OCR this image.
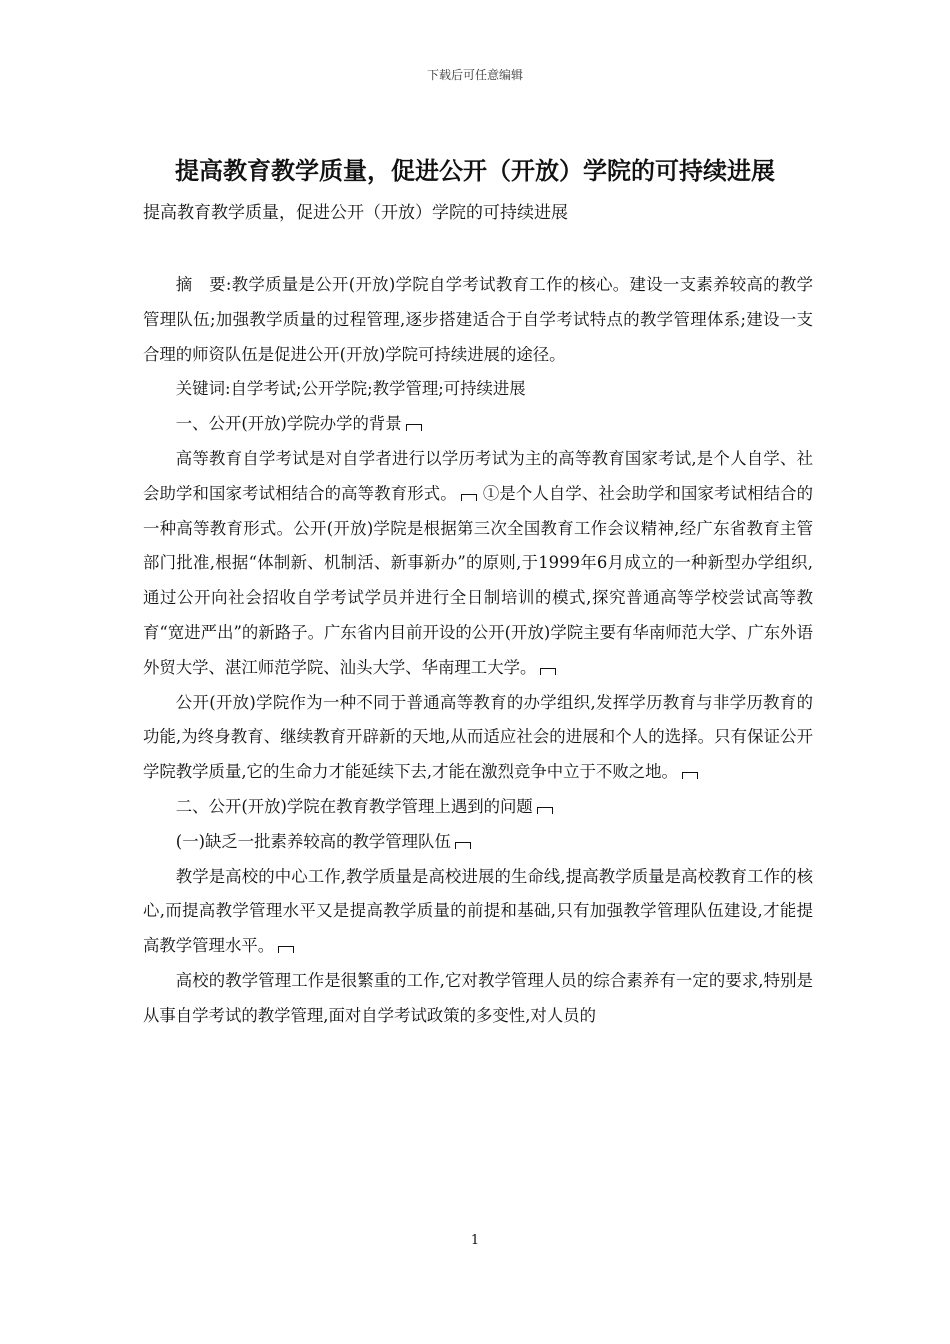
下载后可任意编辑
提高教育教学质量，促进公开（开放）学院的可持续进展

提高教育教学质量，促进公开（开放）学院的可持续进展

摘　要:教学质量是公开(开放)学院自学考试教育工作的核心。建设一支素养较高的教学管理队伍;加强教学质量的过程管理,逐步搭建适合于自学考试特点的教学管理体系;建设一支合理的师资队伍是促进公开(开放)学院可持续进展的途径。

关键词:自学考试;公开学院;教学管理;可持续进展

一、公开(开放)学院办学的背景

高等教育自学考试是对自学者进行以学历考试为主的高等教育国家考试,是个人自学、社会助学和国家考试相结合的高等教育形式。 ①是个人自学、社会助学和国家考试相结合的一种高等教育形式。公开(开放)学院是根据第三次全国教育工作会议精神,经广东省教育主管部门批准,根据“体制新、机制活、新事新办”的原则,于1999年6月成立的一种新型办学组织,通过公开向社会招收自学考试学员并进行全日制培训的模式,探究普通高等学校尝试高等教育“宽进严出”的新路子。广东省内目前开设的公开(开放)学院主要有华南师范大学、广东外语外贸大学、湛江师范学院、汕头大学、华南理工大学。

公开(开放)学院作为一种不同于普通高等教育的办学组织,发挥学历教育与非学历教育的功能,为终身教育、继续教育开辟新的天地,从而适应社会的进展和个人的选择。只有保证公开学院教学质量,它的生命力才能延续下去,才能在激烈竞争中立于不败之地。

二、公开(开放)学院在教育教学管理上遇到的问题

(一)缺乏一批素养较高的教学管理队伍

教学是高校的中心工作,教学质量是高校进展的生命线,提高教学质量是高校教育工作的核心,而提高教学管理水平又是提高教学质量的前提和基础,只有加强教学管理队伍建设,才能提高教学管理水平。

高校的教学管理工作是很繁重的工作,它对教学管理人员的综合素养有一定的要求,特别是从事自学考试的教学管理,面对自学考试政策的多变性,对人员的

1
